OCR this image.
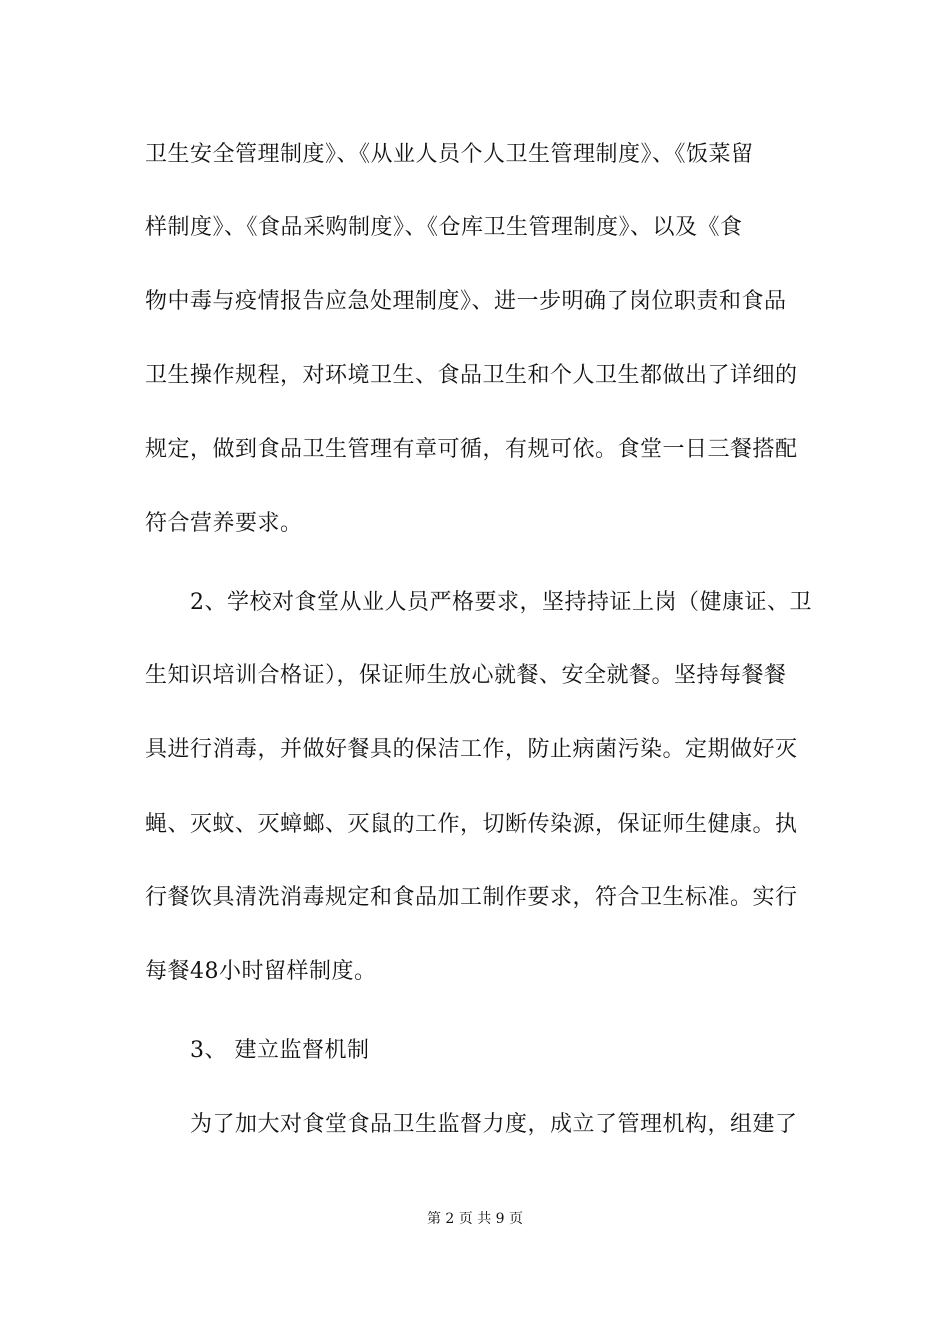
卫生安全管理制度》、《从业人员个人卫生管理制度》、《饭菜留
样制度》、《食品采购制度》、《仓库卫生管理制度》、以及《食
物中毒与疫情报告应急处理制度》、进一步明确了岗位职责和食品
卫生操作规程，对环境卫生、食品卫生和个人卫生都做出了详细的
规定，做到食品卫生管理有章可循，有规可依。食堂一日三餐搭配
符合营养要求。
2、学校对食堂从业人员严格要求，坚持持证上岗（健康证、卫
生知识培训合格证），保证师生放心就餐、安全就餐。坚持每餐餐
具进行消毒，并做好餐具的保洁工作，防止病菌污染。定期做好灭
蝇、灭蚊、灭蟑螂、灭鼠的工作，切断传染源，保证师生健康。执
行餐饮具清洗消毒规定和食品加工制作要求，符合卫生标准。实行
每餐48小时留样制度。
3、 建立监督机制
为了加大对食堂食品卫生监督力度，成立了管理机构，组建了
第 2 页 共 9 页
